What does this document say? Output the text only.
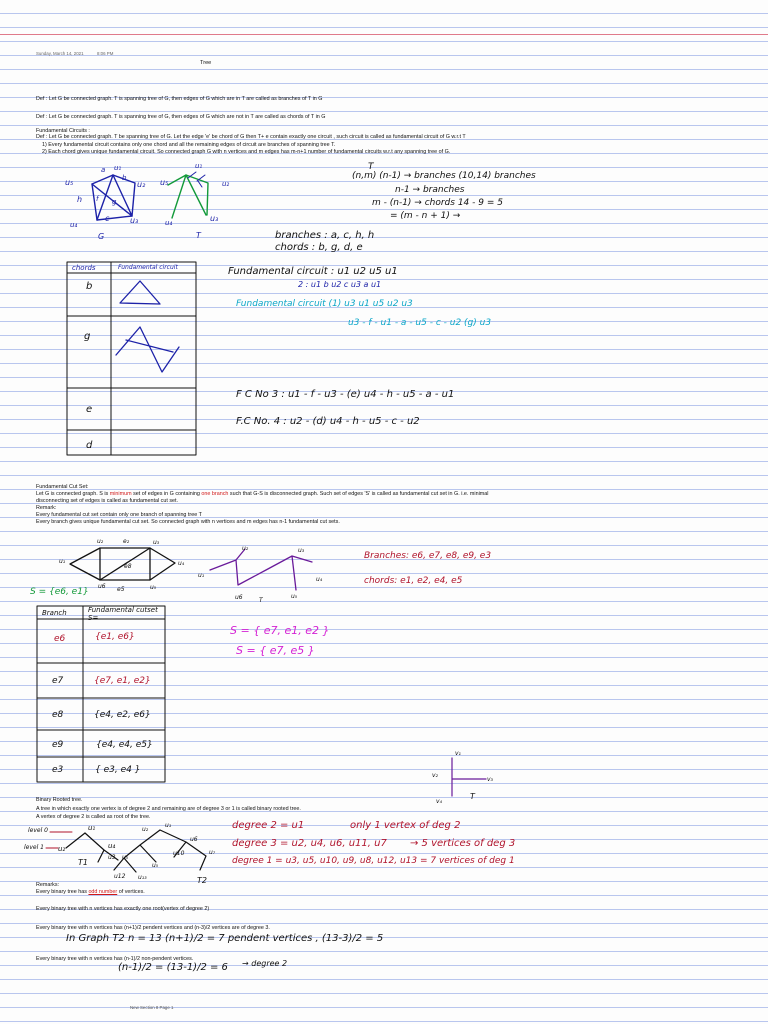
Sunday, March 14, 2021	8:06 PM
Tree
Def : Let G be connected graph. T is spanning tree of G, then edges of G which are in T are called as branches of T in G
Def : Let G be connected graph. T is spanning tree of G, then edges of G which are not in T are called as chords of T in G
Fundamental Circuits :
Def : Let G be connected graph. T be spanning tree of G. Let the edge 'e' be chord of G then T+ e contain exactly one circuit , such circuit is called as fundamental circuit of G w.r.t T
1) Every fundamental circuit contains only one chord and all the remaining edges of circuit are branches of spanning tree T.
2) Each chord gives unique fundamental circuit. So connected graph G with n vertices and m edges has m-n+1 number of fundamental circuits w.r.t any spanning tree of G.
a u₁
b
u₅	u₂
h f g
c
u₄	u₃
G
u₅
u₁
u₂
u₄	u₃
T
T
(n,m) (n-1) → branches (10,14) branches
n-1 → branches
m - (n-1) → chords 14 - 9 = 5
= (m - n + 1) →
branches : a, c, h, h
chords : b, g, d, e
chords	Fundamental circuit
b
g
e
d
Fundamental circuit : u1 u2 u5 u1
2 : u1 b u2 c u3 a u1
Fundamental circuit (1) u3 u1 u5 u2 u3
u3 - f - u1 - a - u5 - c - u2 (g) u3
F C No 3 : u1 - f - u3 - (e) u4 - h - u5 - a - u1
F.C No. 4 : u2 - (d) u4 - h - u5 - c - u2
Fundamental Cut Set:
Let G is connected graph. S is minimum set of edges in G containing one branch such that G-S is disconnected graph. Such set of edges 'S' is called as fundamental cut set in G. i.e. minimal
disconnecting set of edges is called as fundamental cut set.
Remark:
Every fundamental cut set contain only one branch of spanning tree T
Every branch gives unique fundamental cut set. So connected graph with n vertices and m edges has n-1 fundamental cut sets.
u₂	e₂	u₃
u₁
e8	u₄
u6	u₅
e5
u₂	u₃
u₁
u₄
u6	T
u₅
Branches: e6, e7, e8, e9, e3
chords: e1, e2, e4, e5
S = {e6, e1}
S = { e7, e1, e2 }
S = { e7, e5 }
Branch	Fundamental cutset S=
e6	{e1, e6}
e7	{e7, e1, e2}
e8	{e4, e2, e6}
e9	{e4, e4, e5}
e3	{ e3, e4 }
v₁
v₂
v₃
v₄
T
Binary Rooted tree.
A tree in which exactly one vertex is of degree 2 and remaining are of degree 3 or 1 is called binary rooted tree.
A vertex of degree 2 is called as root of the tree.
level 0
level 1
u₁
u₂	u₄
u3 u₅
T1
u₂
u₁
u6
u₅
u10	u₇
u12 u₁₃	T2
degree 2 = u1	only 1 vertex of deg 2
degree 3 = u2, u4, u6, u11, u7 → 5 vertices of deg 3
degree 1 = u3, u5, u10, u9, u8, u12, u13 = 7 vertices of deg 1
Remarks:
Every binary tree has odd number of vertices.
Every binary tree with n vertices has exactly one root(vertex of degree 2)
Every binary tree with n vertices has (n+1)/2 pendent vertices and (n-3)/2 vertices are of degree 3.
In Graph T2 n = 13 (n+1)/2 = 7 pendent vertices , (13-3)/2 = 5
Every binary tree with n vertices has (n-1)/2 non-pendent vertices.
(n-1)/2 = (13-1)/2 = 6 → degree 2
New Section 8 Page 1
